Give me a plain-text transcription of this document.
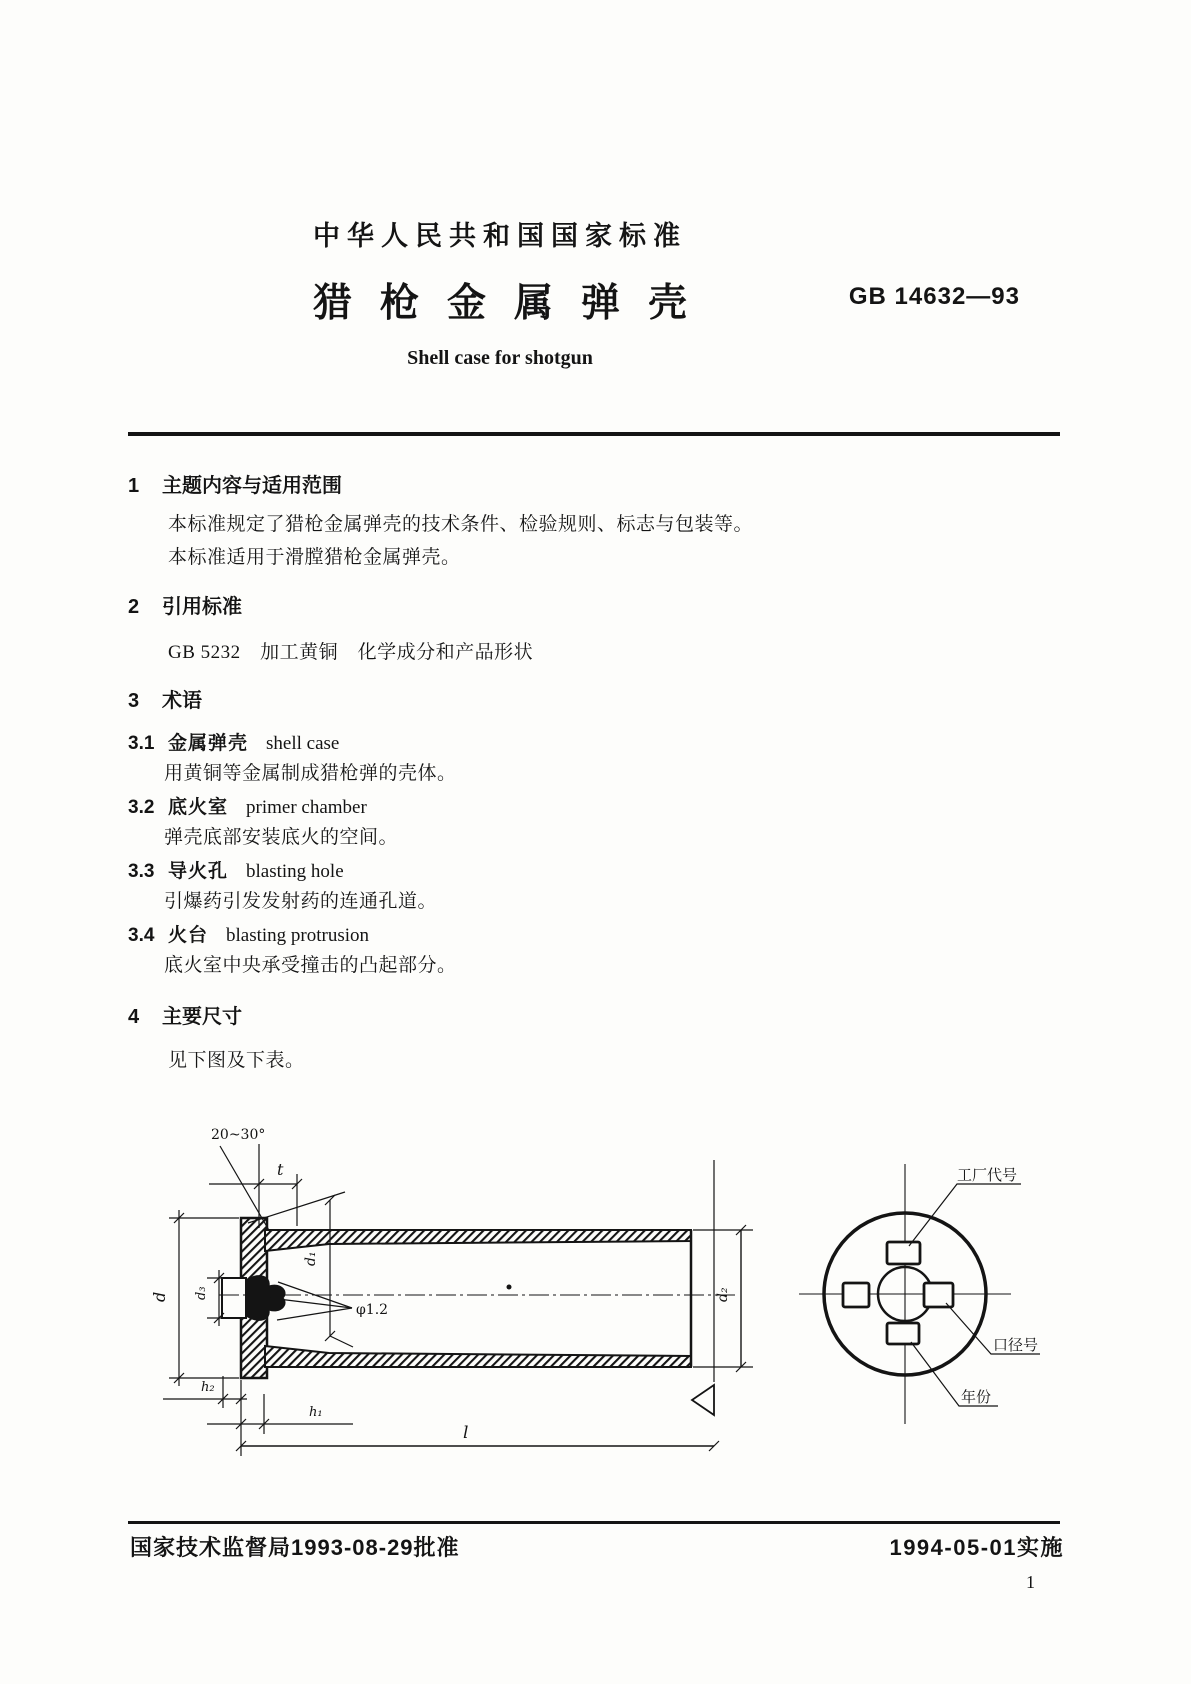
中华人民共和国国家标准
猎枪金属弹壳	GB 14632—93
Shell case for shotgun
1 主题内容与适用范围

本标准规定了猎枪金属弹壳的技术条件、检验规则、标志与包装等。

本标准适用于滑膛猎枪金属弹壳。

2 引用标准

GB 5232　加工黄铜　化学成分和产品形状

3 术语
3.1 金属弹壳 shell case

用黄铜等金属制成猎枪弹的壳体。

3.2 底火室 primer chamber

弹壳底部安装底火的空间。

3.3 导火孔 blasting hole

引爆药引发发射药的连通孔道。

3.4 火台 blasting protrusion

底火室中央承受撞击的凸起部分。

4 主要尺寸

见下图及下表。

20~30°
t
d d₃
d₁
φ1.2
d₂
h₂
h₁
l
工厂代号
口径号
年份
国家技术监督局1993-08-29批准	1994-05-01实施
1
